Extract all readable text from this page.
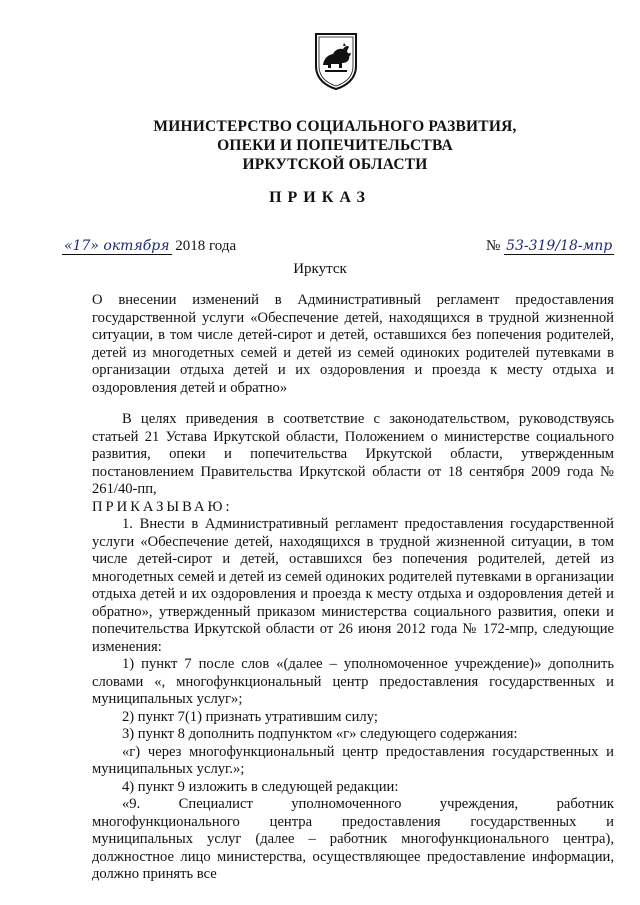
МИНИСТЕРСТВО СОЦИАЛЬНОГО РАЗВИТИЯ,
ОПЕКИ И ПОПЕЧИТЕЛЬСТВА
ИРКУТСКОЙ ОБЛАСТИ
ПРИКАЗ
«17» октября 2018 года	№ 53-319/18-мпр
Иркутск
О внесении изменений в Административный регламент предоставления государственной услуги «Обеспечение детей, находящихся в трудной жизненной ситуации, в том числе детей-сирот и детей, оставшихся без попечения родителей, детей из многодетных семей и детей из семей одиноких родителей путевками в организации отдыха детей и их оздоровления и проезда к месту отдыха и оздоровления детей и обратно»

В целях приведения в соответствие с законодательством, руководствуясь статьей 21 Устава Иркутской области, Положением о министерстве социального развития, опеки и попечительства Иркутской области, утвержденным постановлением Правительства Иркутской области от 18 сентября 2009 года № 261/40-пп,

ПРИКАЗЫВАЮ:

1. Внести в Административный регламент предоставления государственной услуги «Обеспечение детей, находящихся в трудной жизненной ситуации, в том числе детей-сирот и детей, оставшихся без попечения родителей, детей из многодетных семей и детей из семей одиноких родителей путевками в организации отдыха детей и их оздоровления и проезда к месту отдыха и оздоровления детей и обратно», утвержденный приказом министерства социального развития, опеки и попечительства Иркутской области от 26 июня 2012 года № 172-мпр, следующие изменения:

1) пункт 7 после слов «(далее – уполномоченное учреждение)» дополнить словами «, многофункциональный центр предоставления государственных и муниципальных услуг»;

2) пункт 7(1) признать утратившим силу;

3) пункт 8 дополнить подпунктом «г» следующего содержания:

«г) через многофункциональный центр предоставления государственных и муниципальных услуг.»;

4) пункт 9 изложить в следующей редакции:

«9. Специалист уполномоченного учреждения, работник многофункционального центра предоставления государственных и муниципальных услуг (далее – работник многофункционального центра), должностное лицо министерства, осуществляющее предоставление информации, должно принять все
